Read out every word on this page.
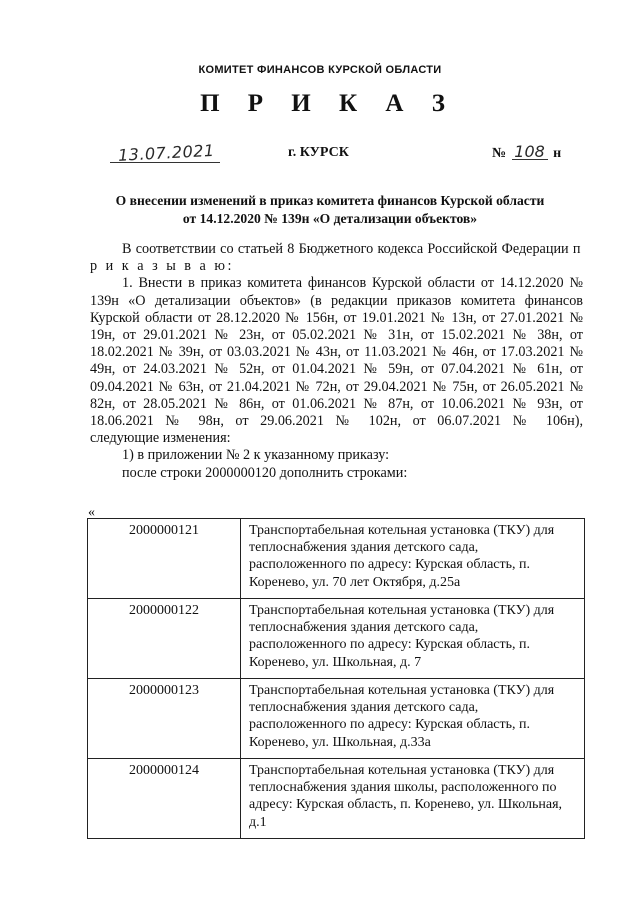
КОМИТЕТ ФИНАНСОВ КУРСКОЙ ОБЛАСТИ
П Р И К А З
13.07.2021	г. КУРСК	№ 108 н
О внесении изменений в приказ комитета финансов Курской области
от 14.12.2020 № 139н «О детализации объектов»

В соответствии со статьей 8 Бюджетного кодекса Российской Федерации п р и к а з ы в а ю:

1. Внести в приказ комитета финансов Курской области от 14.12.2020 № 139н «О детализации объектов» (в редакции приказов комитета финансов Курской области от 28.12.2020 № 156н, от 19.01.2021 № 13н, от 27.01.2021 № 19н, от 29.01.2021 № 23н, от 05.02.2021 № 31н, от 15.02.2021 № 38н, от 18.02.2021 № 39н, от 03.03.2021 № 43н, от 11.03.2021 № 46н, от 17.03.2021 № 49н, от 24.03.2021 № 52н, от 01.04.2021 № 59н, от 07.04.2021 № 61н, от 09.04.2021 № 63н, от 21.04.2021 № 72н, от 29.04.2021 № 75н, от 26.05.2021 № 82н, от 28.05.2021 № 86н, от 01.06.2021 № 87н, от 10.06.2021 № 93н, от 18.06.2021 № 98н, от 29.06.2021 № 102н, от 06.07.2021 № 106н),

следующие изменения:

1) в приложении № 2 к указанному приказу:

после строки 2000000120 дополнить строками:

«
2000000121	Транспортабельная котельная установка (ТКУ) для теплоснабжения здания детского сада, расположенного по адресу: Курская область, п. Коренево, ул. 70 лет Октября, д.25а
2000000122	Транспортабельная котельная установка (ТКУ) для теплоснабжения здания детского сада, расположенного по адресу: Курская область, п. Коренево, ул. Школьная, д. 7
2000000123	Транспортабельная котельная установка (ТКУ) для теплоснабжения здания детского сада, расположенного по адресу: Курская область, п. Коренево, ул. Школьная, д.33а
2000000124	Транспортабельная котельная установка (ТКУ) для теплоснабжения здания школы, расположенного по адресу: Курская область, п. Коренево, ул. Школьная, д.1
